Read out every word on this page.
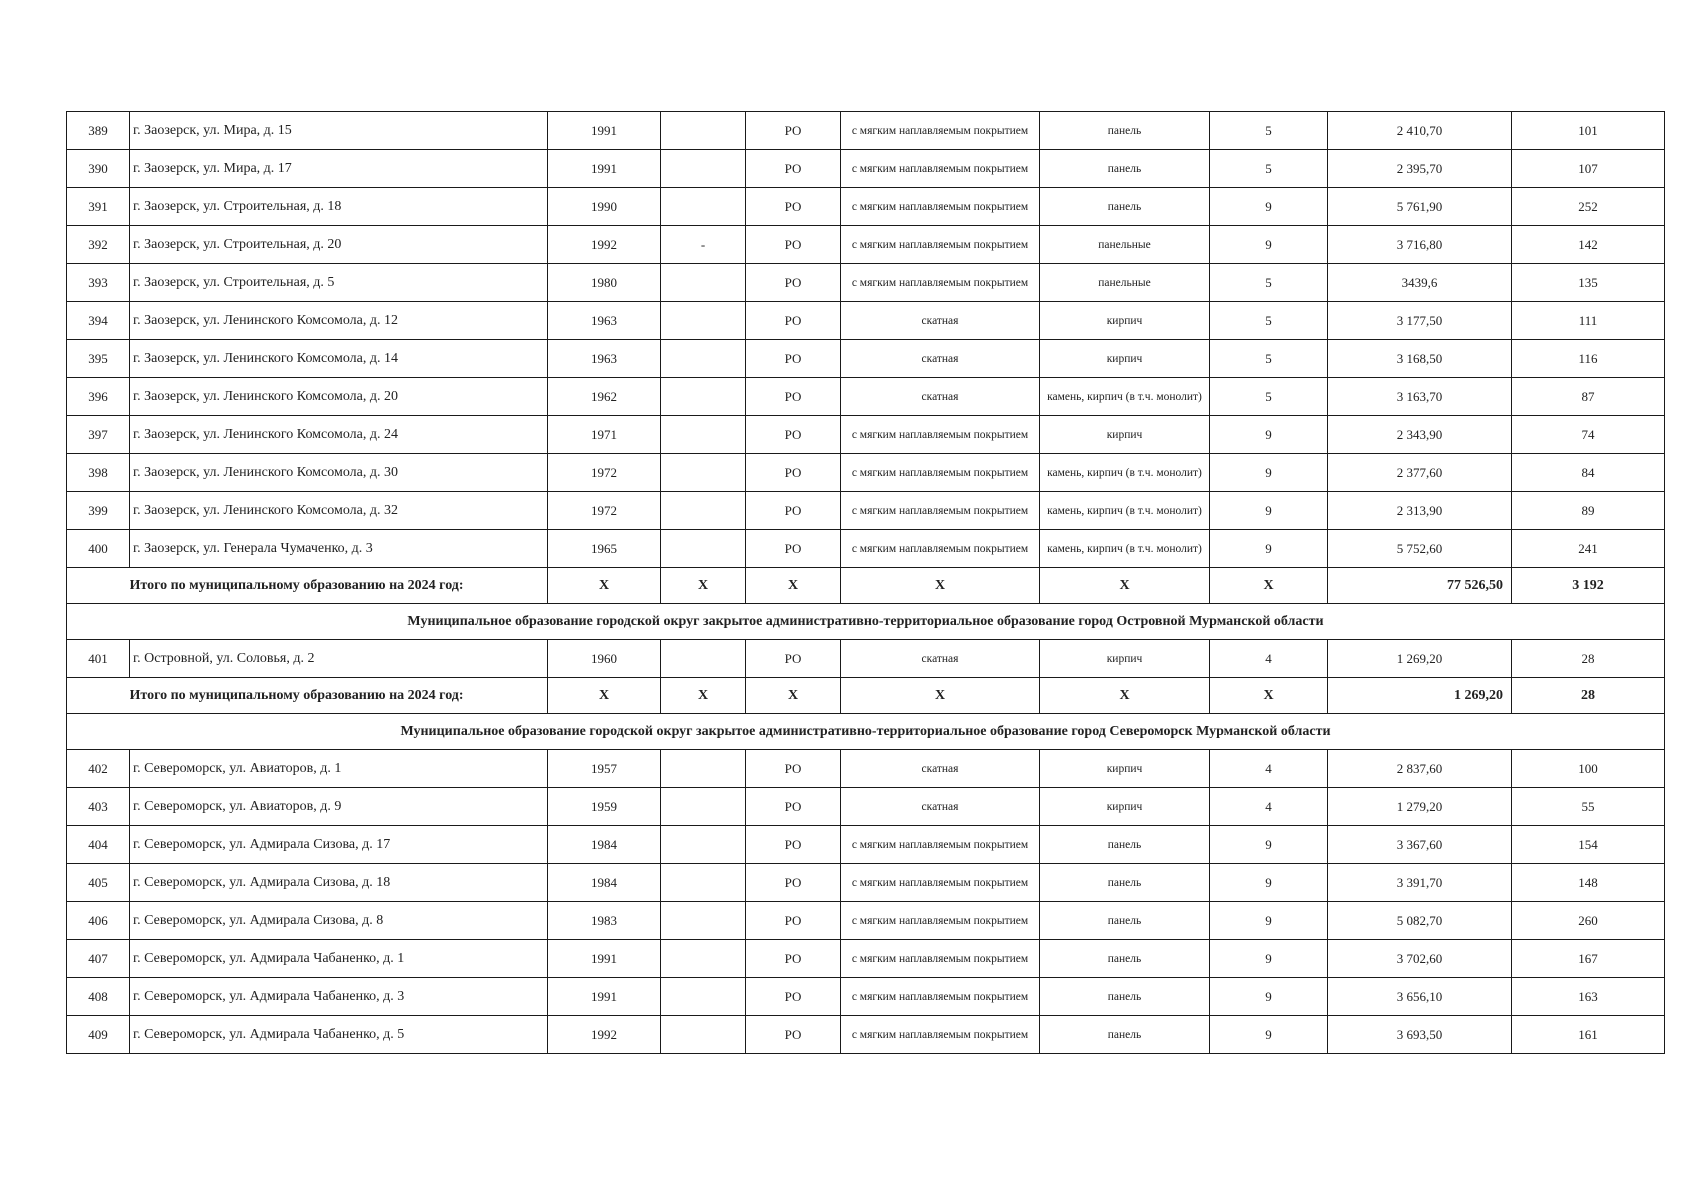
389	г. Заозерск, ул. Мира, д. 15	1991		РО	с мягким наплавляемым покрытием	панель	5	2 410,70	101
390	г. Заозерск, ул. Мира, д. 17	1991		РО	с мягким наплавляемым покрытием	панель	5	2 395,70	107
391	г. Заозерск, ул. Строительная, д. 18	1990		РО	с мягким наплавляемым покрытием	панель	9	5 761,90	252
392	г. Заозерск, ул. Строительная, д. 20	1992	-	РО	с мягким наплавляемым покрытием	панельные	9	3 716,80	142
393	г. Заозерск, ул. Строительная, д. 5	1980		РО	с мягким наплавляемым покрытием	панельные	5	3439,6	135
394	г. Заозерск, ул. Ленинского Комсомола, д. 12	1963		РО	скатная	кирпич	5	3 177,50	111
395	г. Заозерск, ул. Ленинского Комсомола, д. 14	1963		РО	скатная	кирпич	5	3 168,50	116
396	г. Заозерск, ул. Ленинского Комсомола, д. 20	1962		РО	скатная	камень, кирпич (в т.ч. монолит)	5	3 163,70	87
397	г. Заозерск, ул. Ленинского Комсомола, д. 24	1971		РО	с мягким наплавляемым покрытием	кирпич	9	2 343,90	74
398	г. Заозерск, ул. Ленинского Комсомола, д. 30	1972		РО	с мягким наплавляемым покрытием	камень, кирпич (в т.ч. монолит)	9	2 377,60	84
399	г. Заозерск, ул. Ленинского Комсомола, д. 32	1972		РО	с мягким наплавляемым покрытием	камень, кирпич (в т.ч. монолит)	9	2 313,90	89
400	г. Заозерск, ул. Генерала Чумаченко, д. 3	1965		РО	с мягким наплавляемым покрытием	камень, кирпич (в т.ч. монолит)	9	5 752,60	241
	Итого по муниципальному образованию на 2024 год:	Х	Х	Х	Х	Х	Х	77 526,50	3 192
Муниципальное образование городской округ закрытое административно-территориальное образование город Островной Мурманской области									
401	г. Островной, ул. Соловья, д. 2	1960		РО	скатная	кирпич	4	1 269,20	28
	Итого по муниципальному образованию на 2024 год:	Х	Х	Х	Х	Х	Х	1 269,20	28
Муниципальное образование городской округ закрытое административно-территориальное образование город Североморск Мурманской области									
402	г. Североморск, ул. Авиаторов, д. 1	1957		РО	скатная	кирпич	4	2 837,60	100
403	г. Североморск, ул. Авиаторов, д. 9	1959		РО	скатная	кирпич	4	1 279,20	55
404	г. Североморск, ул. Адмирала Сизова, д. 17	1984		РО	с мягким наплавляемым покрытием	панель	9	3 367,60	154
405	г. Североморск, ул. Адмирала Сизова, д. 18	1984		РО	с мягким наплавляемым покрытием	панель	9	3 391,70	148
406	г. Североморск, ул. Адмирала Сизова, д. 8	1983		РО	с мягким наплавляемым покрытием	панель	9	5 082,70	260
407	г. Североморск, ул. Адмирала Чабаненко, д. 1	1991		РО	с мягким наплавляемым покрытием	панель	9	3 702,60	167
408	г. Североморск, ул. Адмирала Чабаненко, д. 3	1991		РО	с мягким наплавляемым покрытием	панель	9	3 656,10	163
409	г. Североморск, ул. Адмирала Чабаненко, д. 5	1992		РО	с мягким наплавляемым покрытием	панель	9	3 693,50	161
